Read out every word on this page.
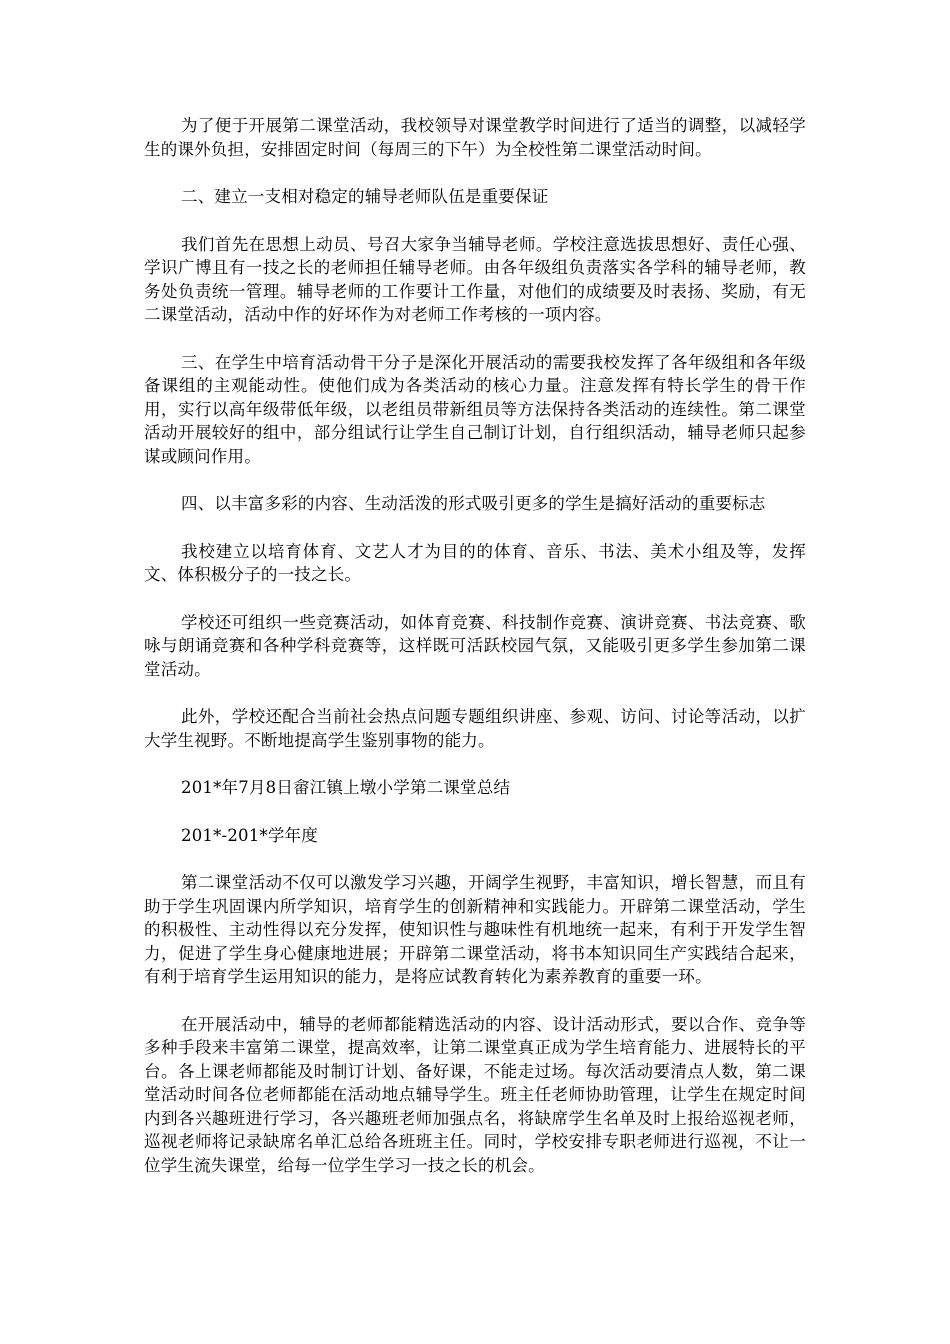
为了便于开展第二课堂活动，我校领导对课堂教学时间进行了适当的调整，以减轻学生的课外负担，安排固定时间（每周三的下午）为全校性第二课堂活动时间。

二、建立一支相对稳定的辅导老师队伍是重要保证

我们首先在思想上动员、号召大家争当辅导老师。学校注意选拔思想好、责任心强、学识广博且有一技之长的老师担任辅导老师。由各年级组负责落实各学科的辅导老师，教务处负责统一管理。辅导老师的工作要计工作量，对他们的成绩要及时表扬、奖励，有无二课堂活动，活动中作的好坏作为对老师工作考核的一项内容。

三、在学生中培育活动骨干分子是深化开展活动的需要我校发挥了各年级组和各年级备课组的主观能动性。使他们成为各类活动的核心力量。注意发挥有特长学生的骨干作用，实行以高年级带低年级，以老组员带新组员等方法保持各类活动的连续性。第二课堂活动开展较好的组中，部分组试行让学生自己制订计划，自行组织活动，辅导老师只起参谋或顾问作用。

四、以丰富多彩的内容、生动活泼的形式吸引更多的学生是搞好活动的重要标志

我校建立以培育体育、文艺人才为目的的体育、音乐、书法、美术小组及等，发挥文、体积极分子的一技之长。

学校还可组织一些竞赛活动，如体育竞赛、科技制作竞赛、演讲竞赛、书法竞赛、歌咏与朗诵竞赛和各种学科竞赛等，这样既可活跃校园气氛，又能吸引更多学生参加第二课堂活动。

此外，学校还配合当前社会热点问题专题组织讲座、参观、访问、讨论等活动，以扩大学生视野。不断地提高学生鉴别事物的能力。

201*年7月8日畲江镇上墩小学第二课堂总结

201*-201*学年度

第二课堂活动不仅可以激发学习兴趣，开阔学生视野，丰富知识，增长智慧，而且有助于学生巩固课内所学知识，培育学生的创新精神和实践能力。开辟第二课堂活动，学生的积极性、主动性得以充分发挥，使知识性与趣味性有机地统一起来，有利于开发学生智力，促进了学生身心健康地进展；开辟第二课堂活动，将书本知识同生产实践结合起来，有利于培育学生运用知识的能力，是将应试教育转化为素养教育的重要一环。

在开展活动中，辅导的老师都能精选活动的内容、设计活动形式，要以合作、竞争等多种手段来丰富第二课堂，提高效率，让第二课堂真正成为学生培育能力、进展特长的平台。各上课老师都能及时制订计划、备好课，不能走过场。每次活动要清点人数，第二课堂活动时间各位老师都能在活动地点辅导学生。班主任老师协助管理，让学生在规定时间内到各兴趣班进行学习，各兴趣班老师加强点名，将缺席学生名单及时上报给巡视老师，巡视老师将记录缺席名单汇总给各班班主任。同时，学校安排专职老师进行巡视，不让一位学生流失课堂，给每一位学生学习一技之长的机会。
